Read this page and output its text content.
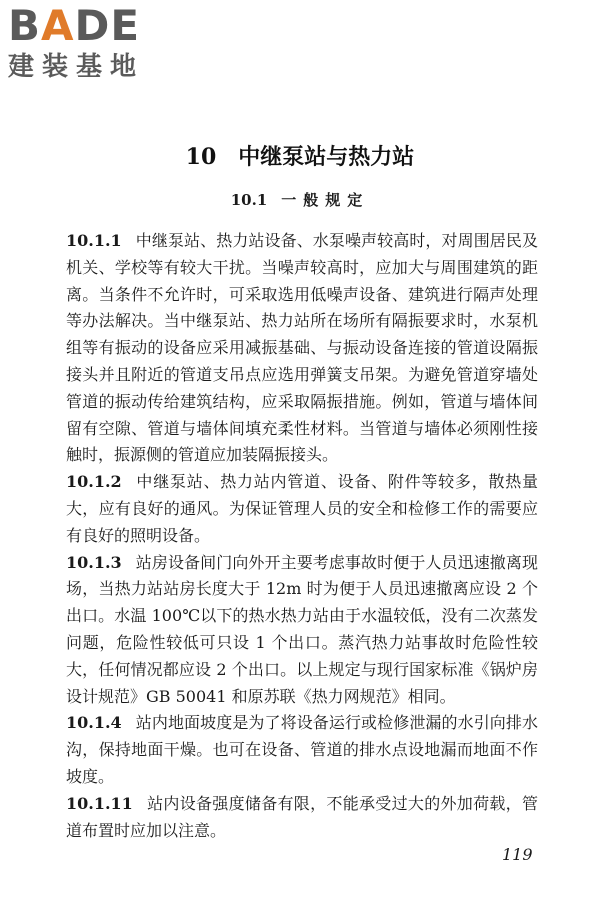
B A DE
建装基地
10 中继泵站与热力站
10.1 一般规定

10.1.1 中继泵站、热力站设备、水泵噪声较高时，对周围居民及机关、学校等有较大干扰。当噪声较高时，应加大与周围建筑的距离。当条件不允许时，可采取选用低噪声设备、建筑进行隔声处理等办法解决。当中继泵站、热力站所在场所有隔振要求时，水泵机组等有振动的设备应采用减振基础、与振动设备连接的管道设隔振接头并且附近的管道支吊点应选用弹簧支吊架。为避免管道穿墙处管道的振动传给建筑结构，应采取隔振措施。例如，管道与墙体间留有空隙、管道与墙体间填充柔性材料。当管道与墙体必须刚性接触时，振源侧的管道应加装隔振接头。

10.1.2 中继泵站、热力站内管道、设备、附件等较多，散热量大，应有良好的通风。为保证管理人员的安全和检修工作的需要应有良好的照明设备。

10.1.3 站房设备间门向外开主要考虑事故时便于人员迅速撤离现场，当热力站站房长度大于 12m 时为便于人员迅速撤离应设 2 个出口。水温 100℃以下的热水热力站由于水温较低，没有二次蒸发问题，危险性较低可只设 1 个出口。蒸汽热力站事故时危险性较大，任何情况都应设 2 个出口。以上规定与现行国家标准《锅炉房设计规范》GB 50041 和原苏联《热力网规范》相同。

10.1.4 站内地面坡度是为了将设备运行或检修泄漏的水引向排水沟，保持地面干燥。也可在设备、管道的排水点设地漏而地面不作坡度。

10.1.11 站内设备强度储备有限，不能承受过大的外加荷载，管道布置时应加以注意。

119
